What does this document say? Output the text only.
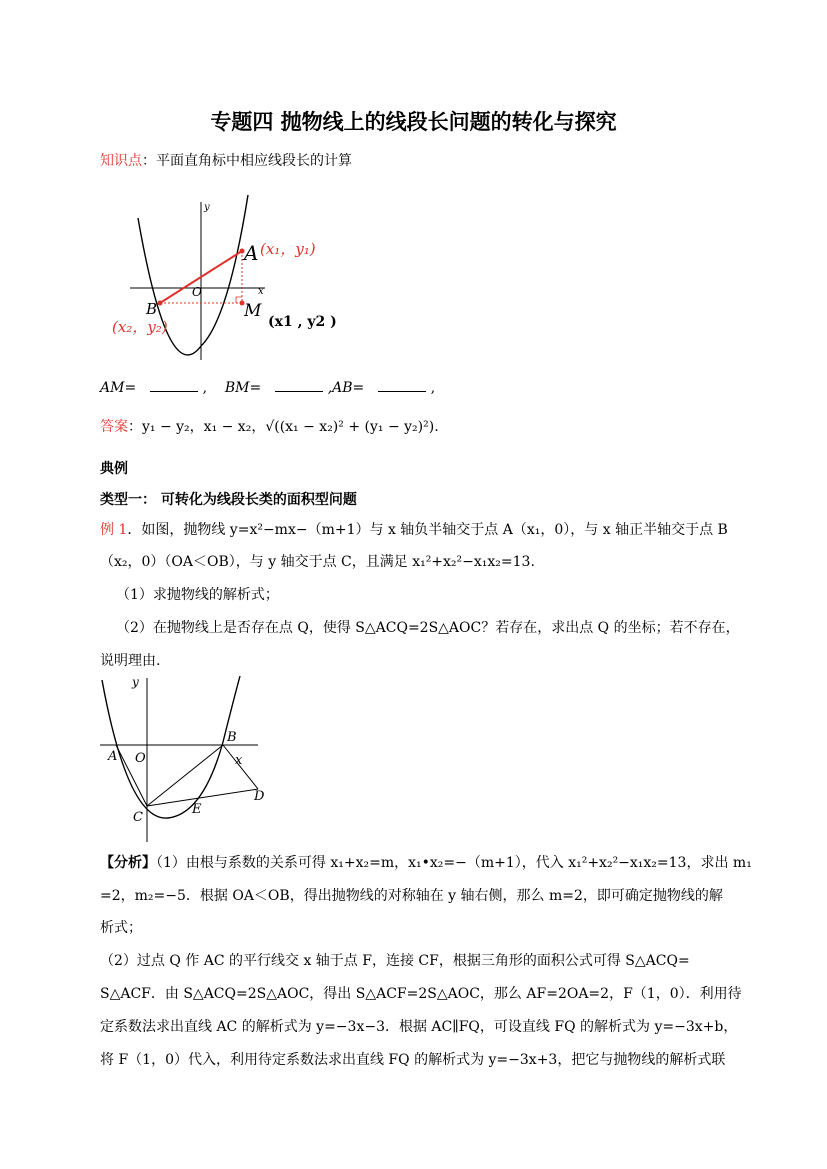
专题四 抛物线上的线段长问题的转化与探究
知识点：平面直角标中相应线段长的计算
y
x
O
A (x₁，y₁)
B
(x₂，y₂)
M
(x1 , y2 )
AM=	,    BM=	,AB=	,
答案：y₁ − y₂，x₁ − x₂，√((x₁ − x₂)² + (y₁ − y₂)²).
典例
类型一： 可转化为线段长类的面积型问题
例 1．如图，抛物线 y=x²−mx−（m+1）与 x 轴负半轴交于点 A（x₁，0），与 x 轴正半轴交于点 B
（x₂，0）（OA＜OB），与 y 轴交于点 C，且满足 x₁²+x₂²−x₁x₂=13.
（1）求抛物线的解析式；
（2）在抛物线上是否存在点 Q，使得 S△ACQ=2S△AOC？若存在，求出点 Q 的坐标；若不存在，
说明理由.
y
x
A O
B
C
E
D
【分析】（1）由根与系数的关系可得 x₁+x₂=m，x₁•x₂=−（m+1），代入 x₁²+x₂²−x₁x₂=13，求出 m₁
=2，m₂=−5．根据 OA＜OB，得出抛物线的对称轴在 y 轴右侧，那么 m=2，即可确定抛物线的解
析式；
（2）过点 Q 作 AC 的平行线交 x 轴于点 F，连接 CF，根据三角形的面积公式可得 S△ACQ=
S△ACF．由 S△ACQ=2S△AOC，得出 S△ACF=2S△AOC，那么 AF=2OA=2，F（1，0）．利用待
定系数法求出直线 AC 的解析式为 y=−3x−3．根据 AC∥FQ，可设直线 FQ 的解析式为 y=−3x+b，
将 F（1，0）代入，利用待定系数法求出直线 FQ 的解析式为 y=−3x+3，把它与抛物线的解析式联
